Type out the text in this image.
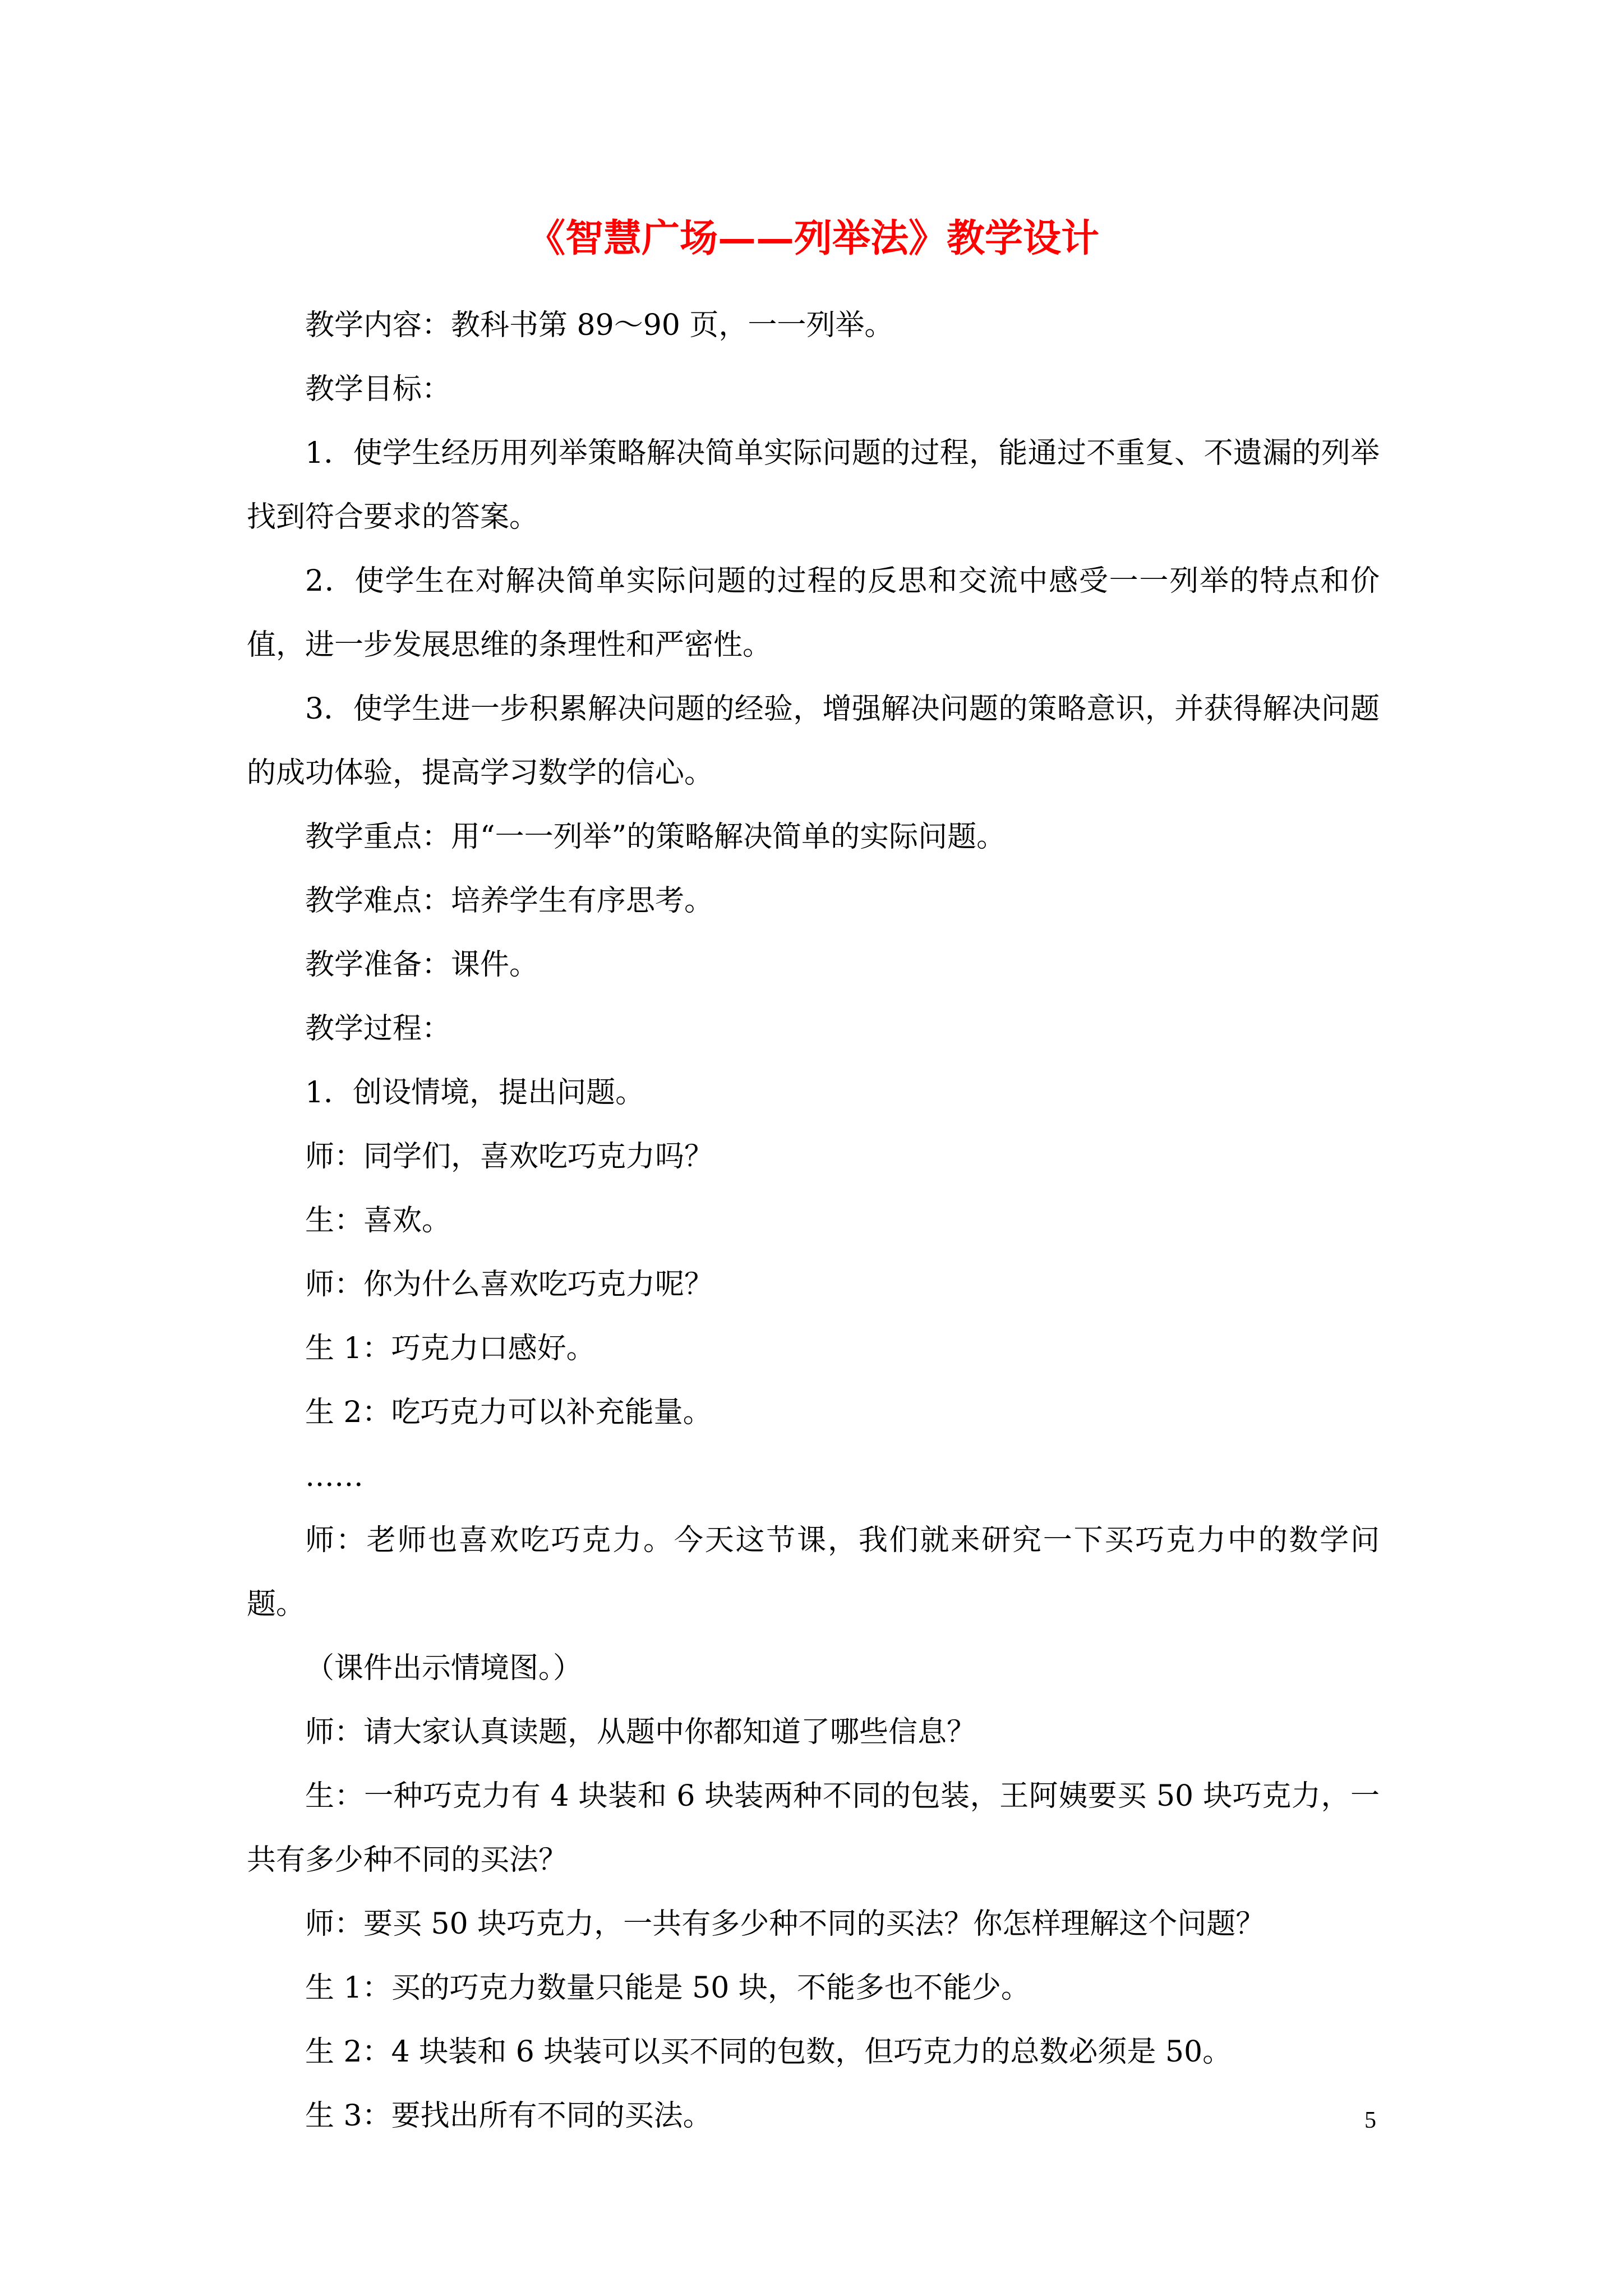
《智慧广场——列举法》教学设计

教学内容：教科书第 89～90 页，一一列举。

教学目标：

1．使学生经历用列举策略解决简单实际问题的过程，能通过不重复、不遗漏的列举找到符合要求的答案。

2．使学生在对解决简单实际问题的过程的反思和交流中感受一一列举的特点和价值，进一步发展思维的条理性和严密性。

3．使学生进一步积累解决问题的经验，增强解决问题的策略意识，并获得解决问题的成功体验，提高学习数学的信心。

教学重点：用“一一列举”的策略解决简单的实际问题。

教学难点：培养学生有序思考。

教学准备：课件。

教学过程：

1．创设情境，提出问题。

师：同学们，喜欢吃巧克力吗？

生：喜欢。

师：你为什么喜欢吃巧克力呢？

生 1：巧克力口感好。

生 2：吃巧克力可以补充能量。

……

师：老师也喜欢吃巧克力。今天这节课，我们就来研究一下买巧克力中的数学问题。

（课件出示情境图。）

师：请大家认真读题，从题中你都知道了哪些信息？

生：一种巧克力有 4 块装和 6 块装两种不同的包装，王阿姨要买 50 块巧克力，一共有多少种不同的买法？

师：要买 50 块巧克力，一共有多少种不同的买法？你怎样理解这个问题？

生 1：买的巧克力数量只能是 50 块，不能多也不能少。

生 2：4 块装和 6 块装可以买不同的包数，但巧克力的总数必须是 50。

生 3：要找出所有不同的买法。	5
